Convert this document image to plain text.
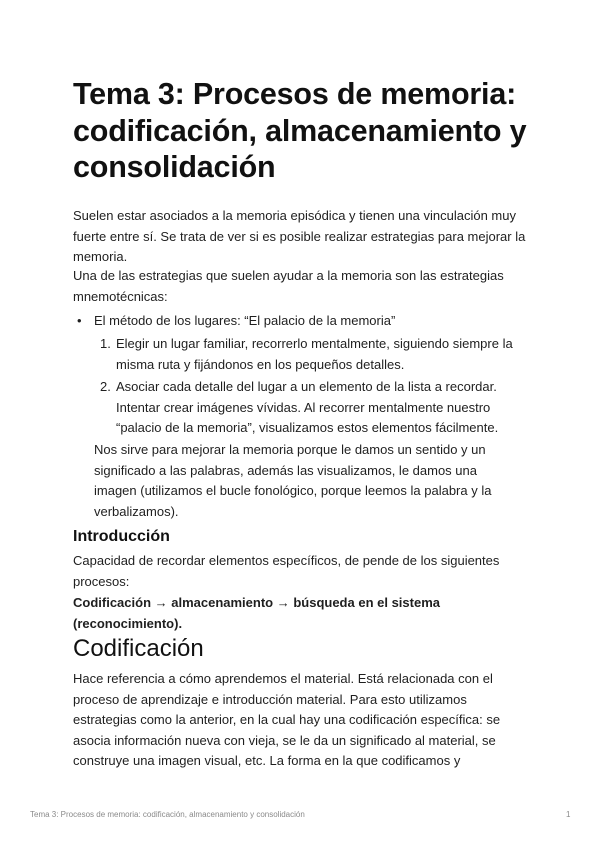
Tema 3: Procesos de memoria: codificación, almacenamiento y consolidación

Suelen estar asociados a la memoria episódica y tienen una vinculación muy fuerte entre sí. Se trata de ver si es posible realizar estrategias para mejorar la memoria.

Una de las estrategias que suelen ayudar a la memoria son las estrategias mnemotécnicas:

• El método de los lugares: “El palacio de la memoria”

1. Elegir un lugar familiar, recorrerlo mentalmente, siguiendo siempre la misma ruta y fijándonos en los pequeños detalles.

2. Asociar cada detalle del lugar a un elemento de la lista a recordar. Intentar crear imágenes vívidas. Al recorrer mentalmente nuestro “palacio de la memoria”, visualizamos estos elementos fácilmente.

Nos sirve para mejorar la memoria porque le damos un sentido y un significado a las palabras, además las visualizamos, le damos una imagen (utilizamos el bucle fonológico, porque leemos la palabra y la verbalizamos).

Introducción

Capacidad de recordar elementos específicos, de pende de los siguientes procesos:

Codificación → almacenamiento → búsqueda en el sistema (reconocimiento).

Codificación

Hace referencia a cómo aprendemos el material. Está relacionada con el proceso de aprendizaje e introducción material. Para esto utilizamos estrategias como la anterior, en la cual hay una codificación específica: se asocia información nueva con vieja, se le da un significado al material, se construye una imagen visual, etc. La forma en la que codificamos y

Tema 3: Procesos de memoria: codificación, almacenamiento y consolidación	1
